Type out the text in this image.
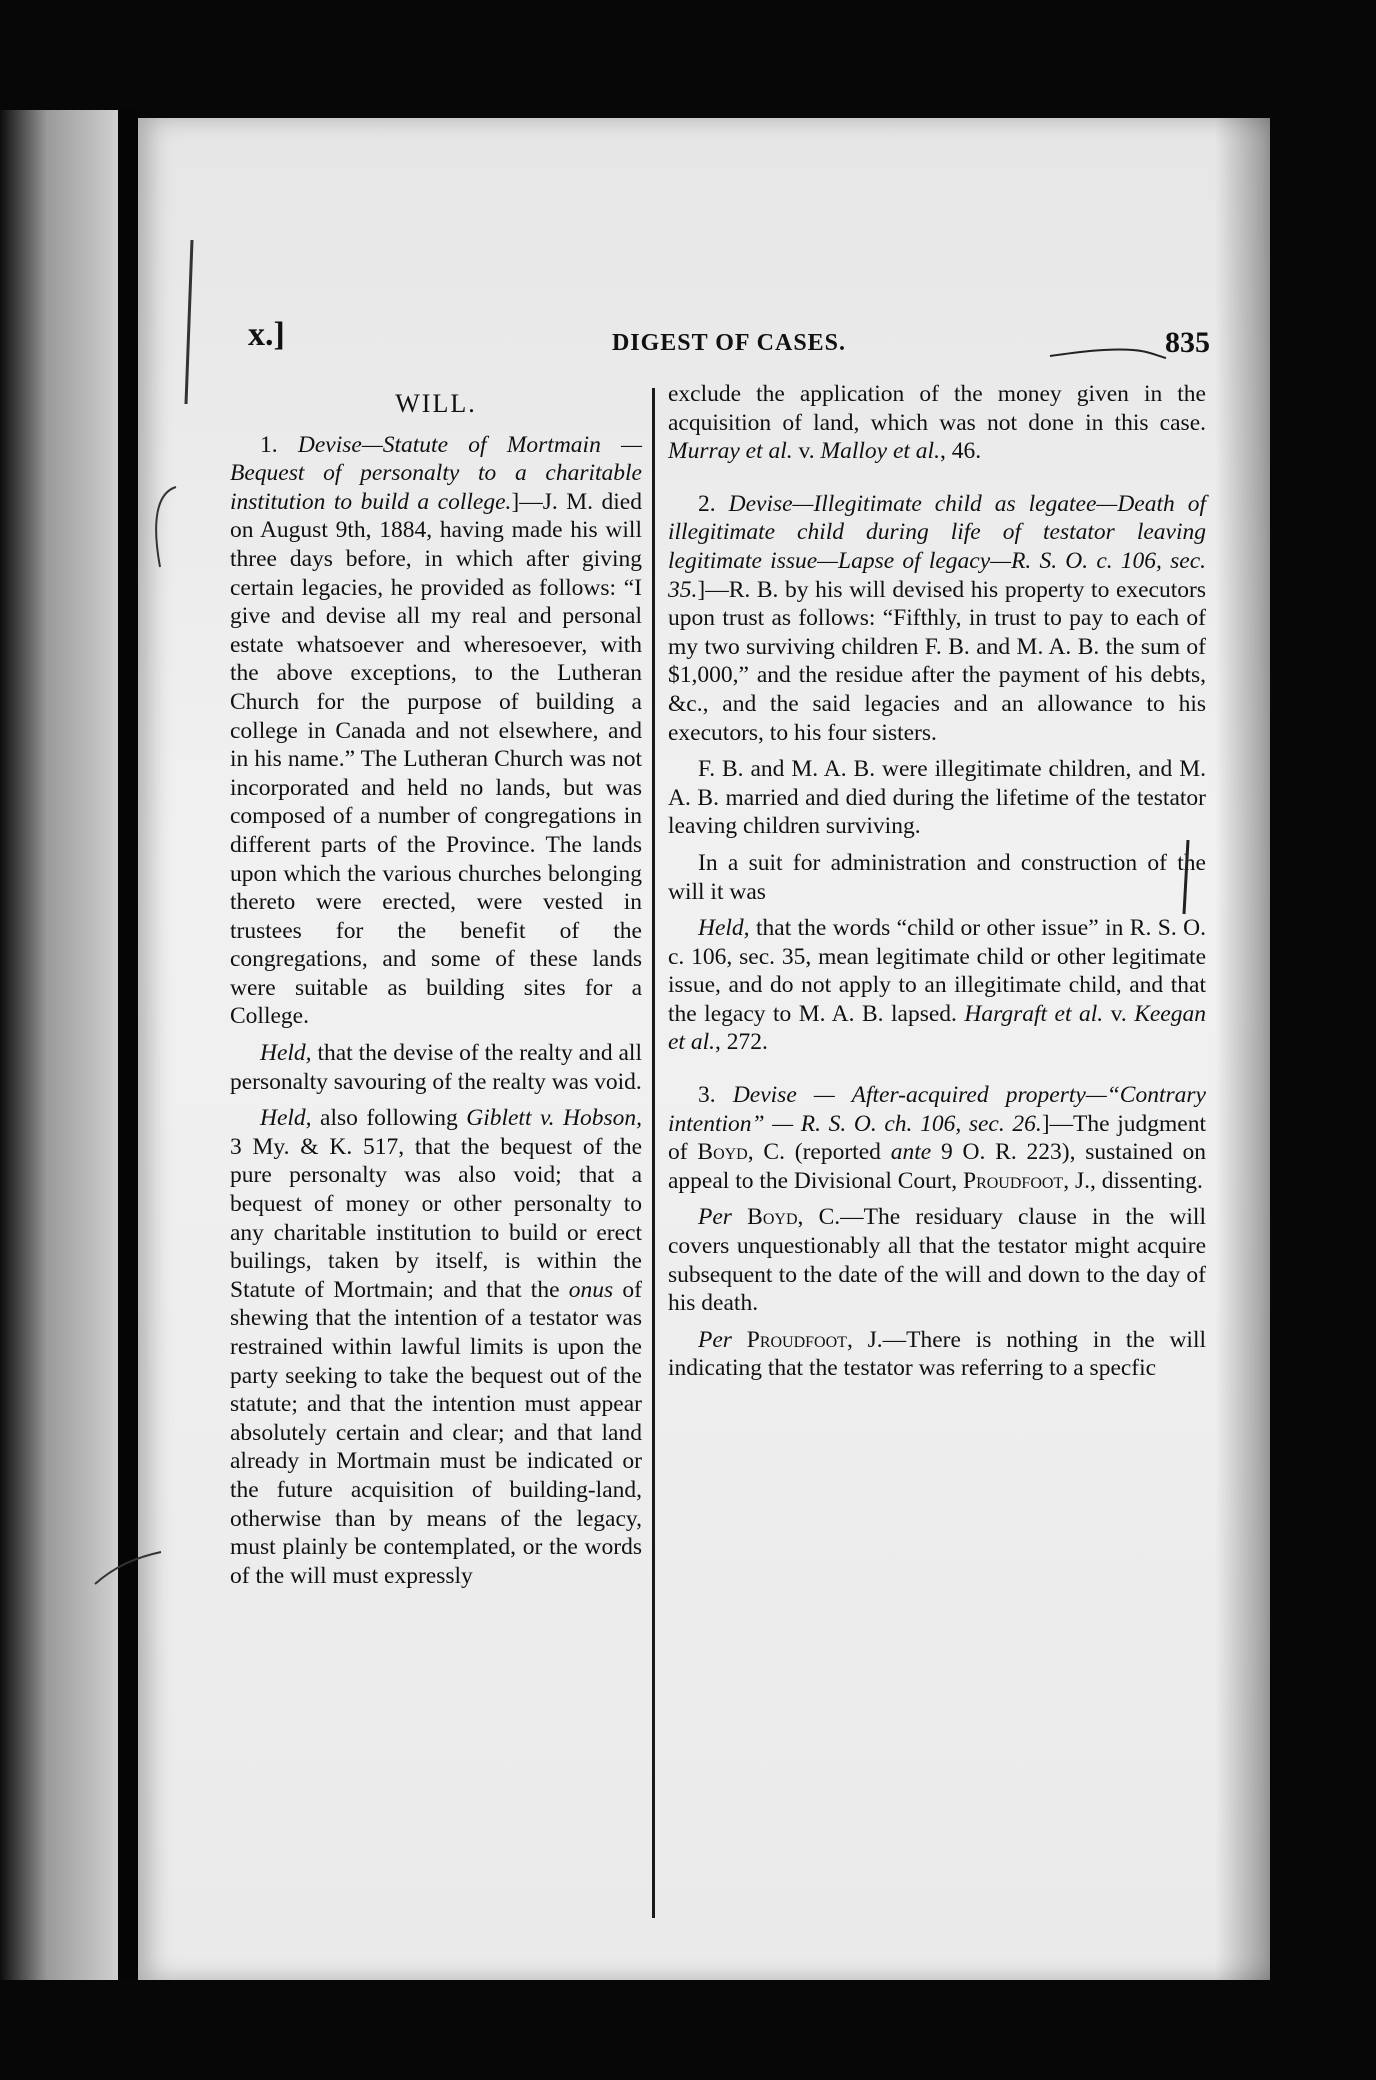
x.]	DIGEST OF CASES.	835
WILL.

1. Devise—Statute of Mortmain —Bequest of personalty to a charitable institution to build a college.]—J. M. died on August 9th, 1884, having made his will three days before, in which after giving certain legacies, he provided as follows: “I give and devise all my real and personal estate whatsoever and wheresoever, with the above exceptions, to the Lutheran Church for the purpose of building a college in Canada and not elsewhere, and in his name.” The Lutheran Church was not incorporated and held no lands, but was composed of a number of congregations in different parts of the Province. The lands upon which the various churches belonging thereto were erected, were vested in trustees for the benefit of the congregations, and some of these lands were suitable as building sites for a College.

Held, that the devise of the realty and all personalty savouring of the realty was void.

Held, also following Giblett v. Hobson, 3 My. & K. 517, that the bequest of the pure personalty was also void; that a bequest of money or other personalty to any charitable institution to build or erect builings, taken by itself, is within the Statute of Mortmain; and that the onus of shewing that the intention of a testator was restrained within lawful limits is upon the party seeking to take the bequest out of the statute; and that the intention must appear absolutely certain and clear; and that land already in Mortmain must be indicated or the future acquisition of building-land, otherwise than by means of the legacy, must plainly be contemplated, or the words of the will must expressly

exclude the application of the money given in the acquisition of land, which was not done in this case. Murray et al. v. Malloy et al., 46.

2. Devise—Illegitimate child as legatee—Death of illegitimate child during life of testator leaving legitimate issue—Lapse of legacy—R. S. O. c. 106, sec. 35.]—R. B. by his will devised his property to executors upon trust as follows: “Fifthly, in trust to pay to each of my two surviving children F. B. and M. A. B. the sum of $1,000,” and the residue after the payment of his debts, &c., and the said legacies and an allowance to his executors, to his four sisters.

F. B. and M. A. B. were illegitimate children, and M. A. B. married and died during the lifetime of the testator leaving children surviving.

In a suit for administration and construction of the will it was

Held, that the words “child or other issue” in R. S. O. c. 106, sec. 35, mean legitimate child or other legitimate issue, and do not apply to an illegitimate child, and that the legacy to M. A. B. lapsed. Hargraft et al. v. Keegan et al., 272.

3. Devise — After-acquired property—“Contrary intention” — R. S. O. ch. 106, sec. 26.]—The judgment of Boyd, C. (reported ante 9 O. R. 223), sustained on appeal to the Divisional Court, Proudfoot, J., dissenting.

Per Boyd, C.—The residuary clause in the will covers unquestionably all that the testator might acquire subsequent to the date of the will and down to the day of his death.

Per Proudfoot, J.—There is nothing in the will indicating that the testator was referring to a specfic
